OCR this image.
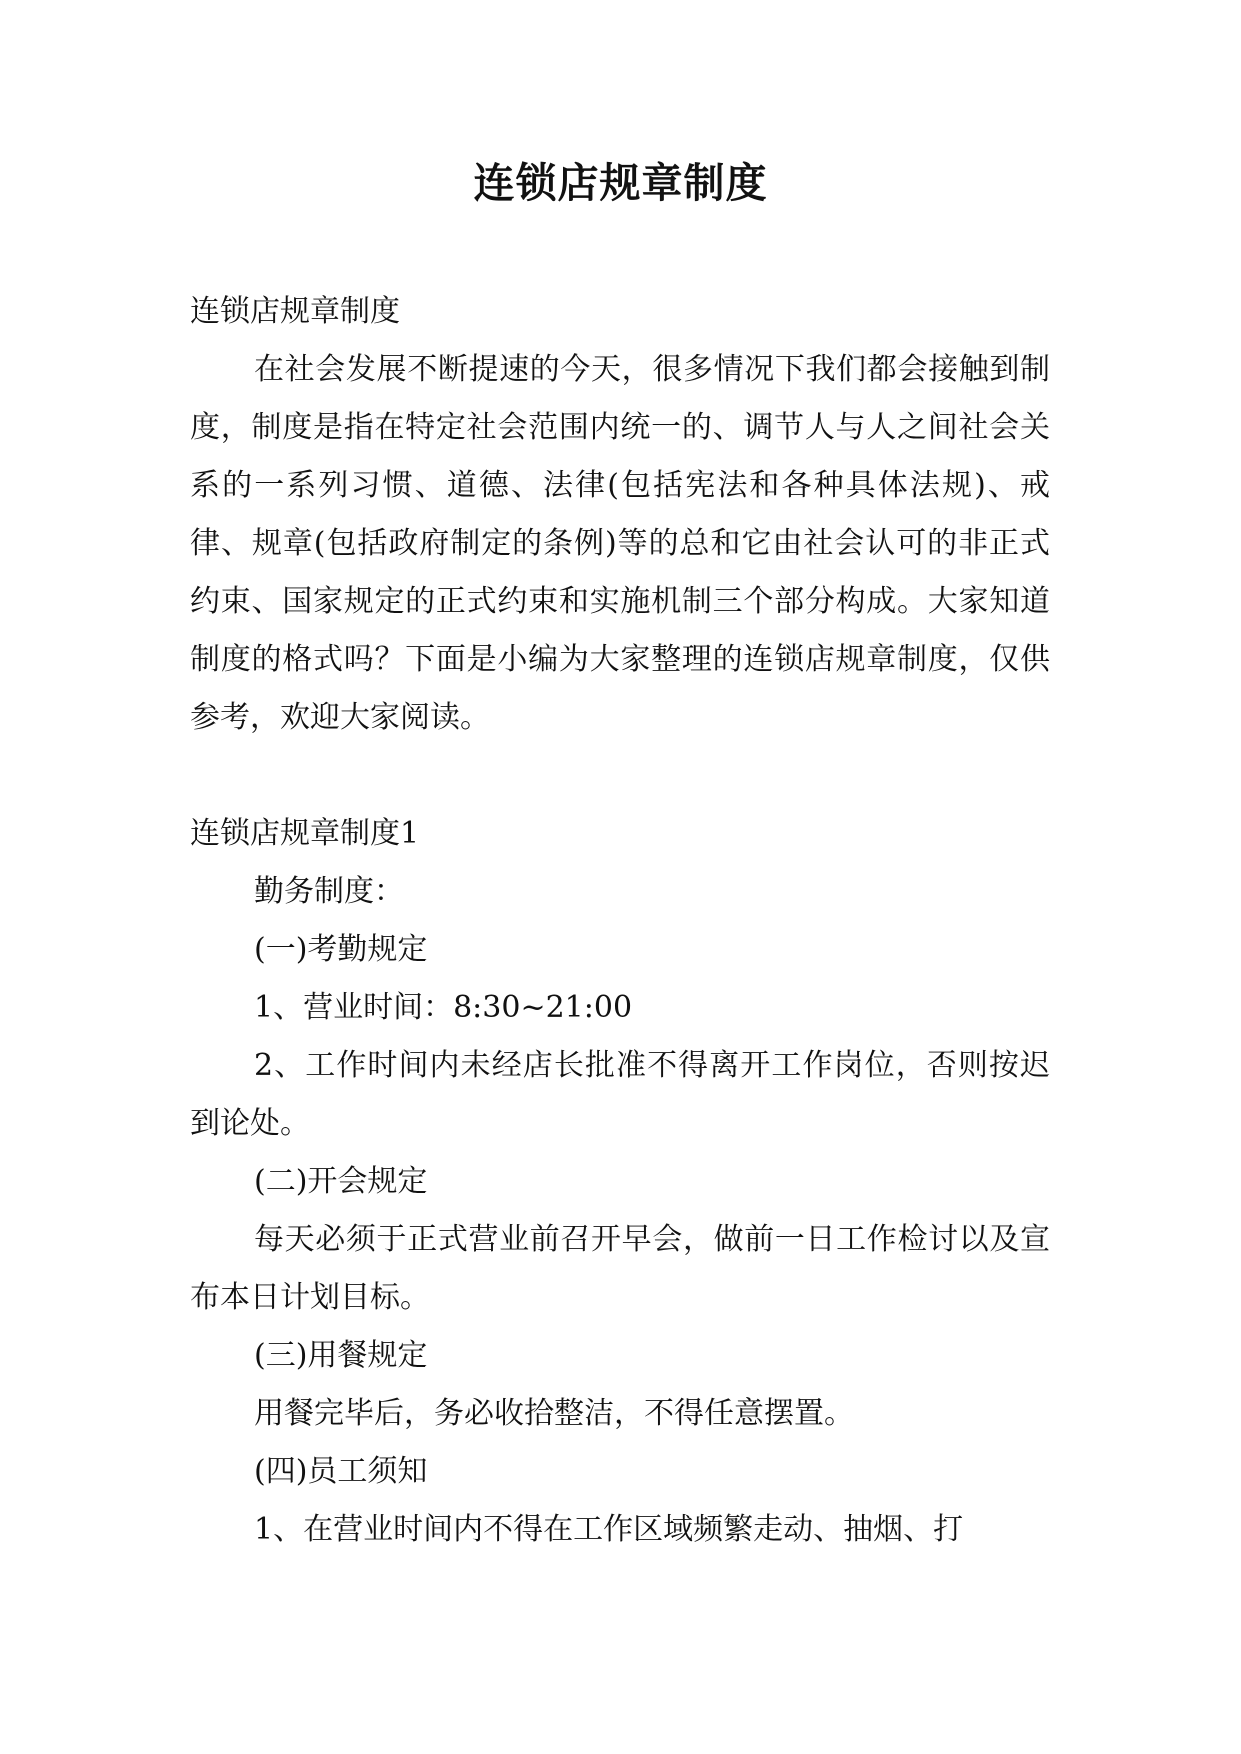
连锁店规章制度

连锁店规章制度

在社会发展不断提速的今天，很多情况下我们都会接触到制度，制度是指在特定社会范围内统一的、调节人与人之间社会关系的一系列习惯、道德、法律(包括宪法和各种具体法规)、戒律、规章(包括政府制定的条例)等的总和它由社会认可的非正式约束、国家规定的正式约束和实施机制三个部分构成。大家知道制度的格式吗？下面是小编为大家整理的连锁店规章制度，仅供参考，欢迎大家阅读。

连锁店规章制度1

勤务制度：

(一)考勤规定

1、营业时间：8:30~21:00

2、工作时间内未经店长批准不得离开工作岗位，否则按迟到论处。

(二)开会规定

每天必须于正式营业前召开早会，做前一日工作检讨以及宣布本日计划目标。

(三)用餐规定

用餐完毕后，务必收拾整洁，不得任意摆置。

(四)员工须知

1、在营业时间内不得在工作区域频繁走动、抽烟、打
